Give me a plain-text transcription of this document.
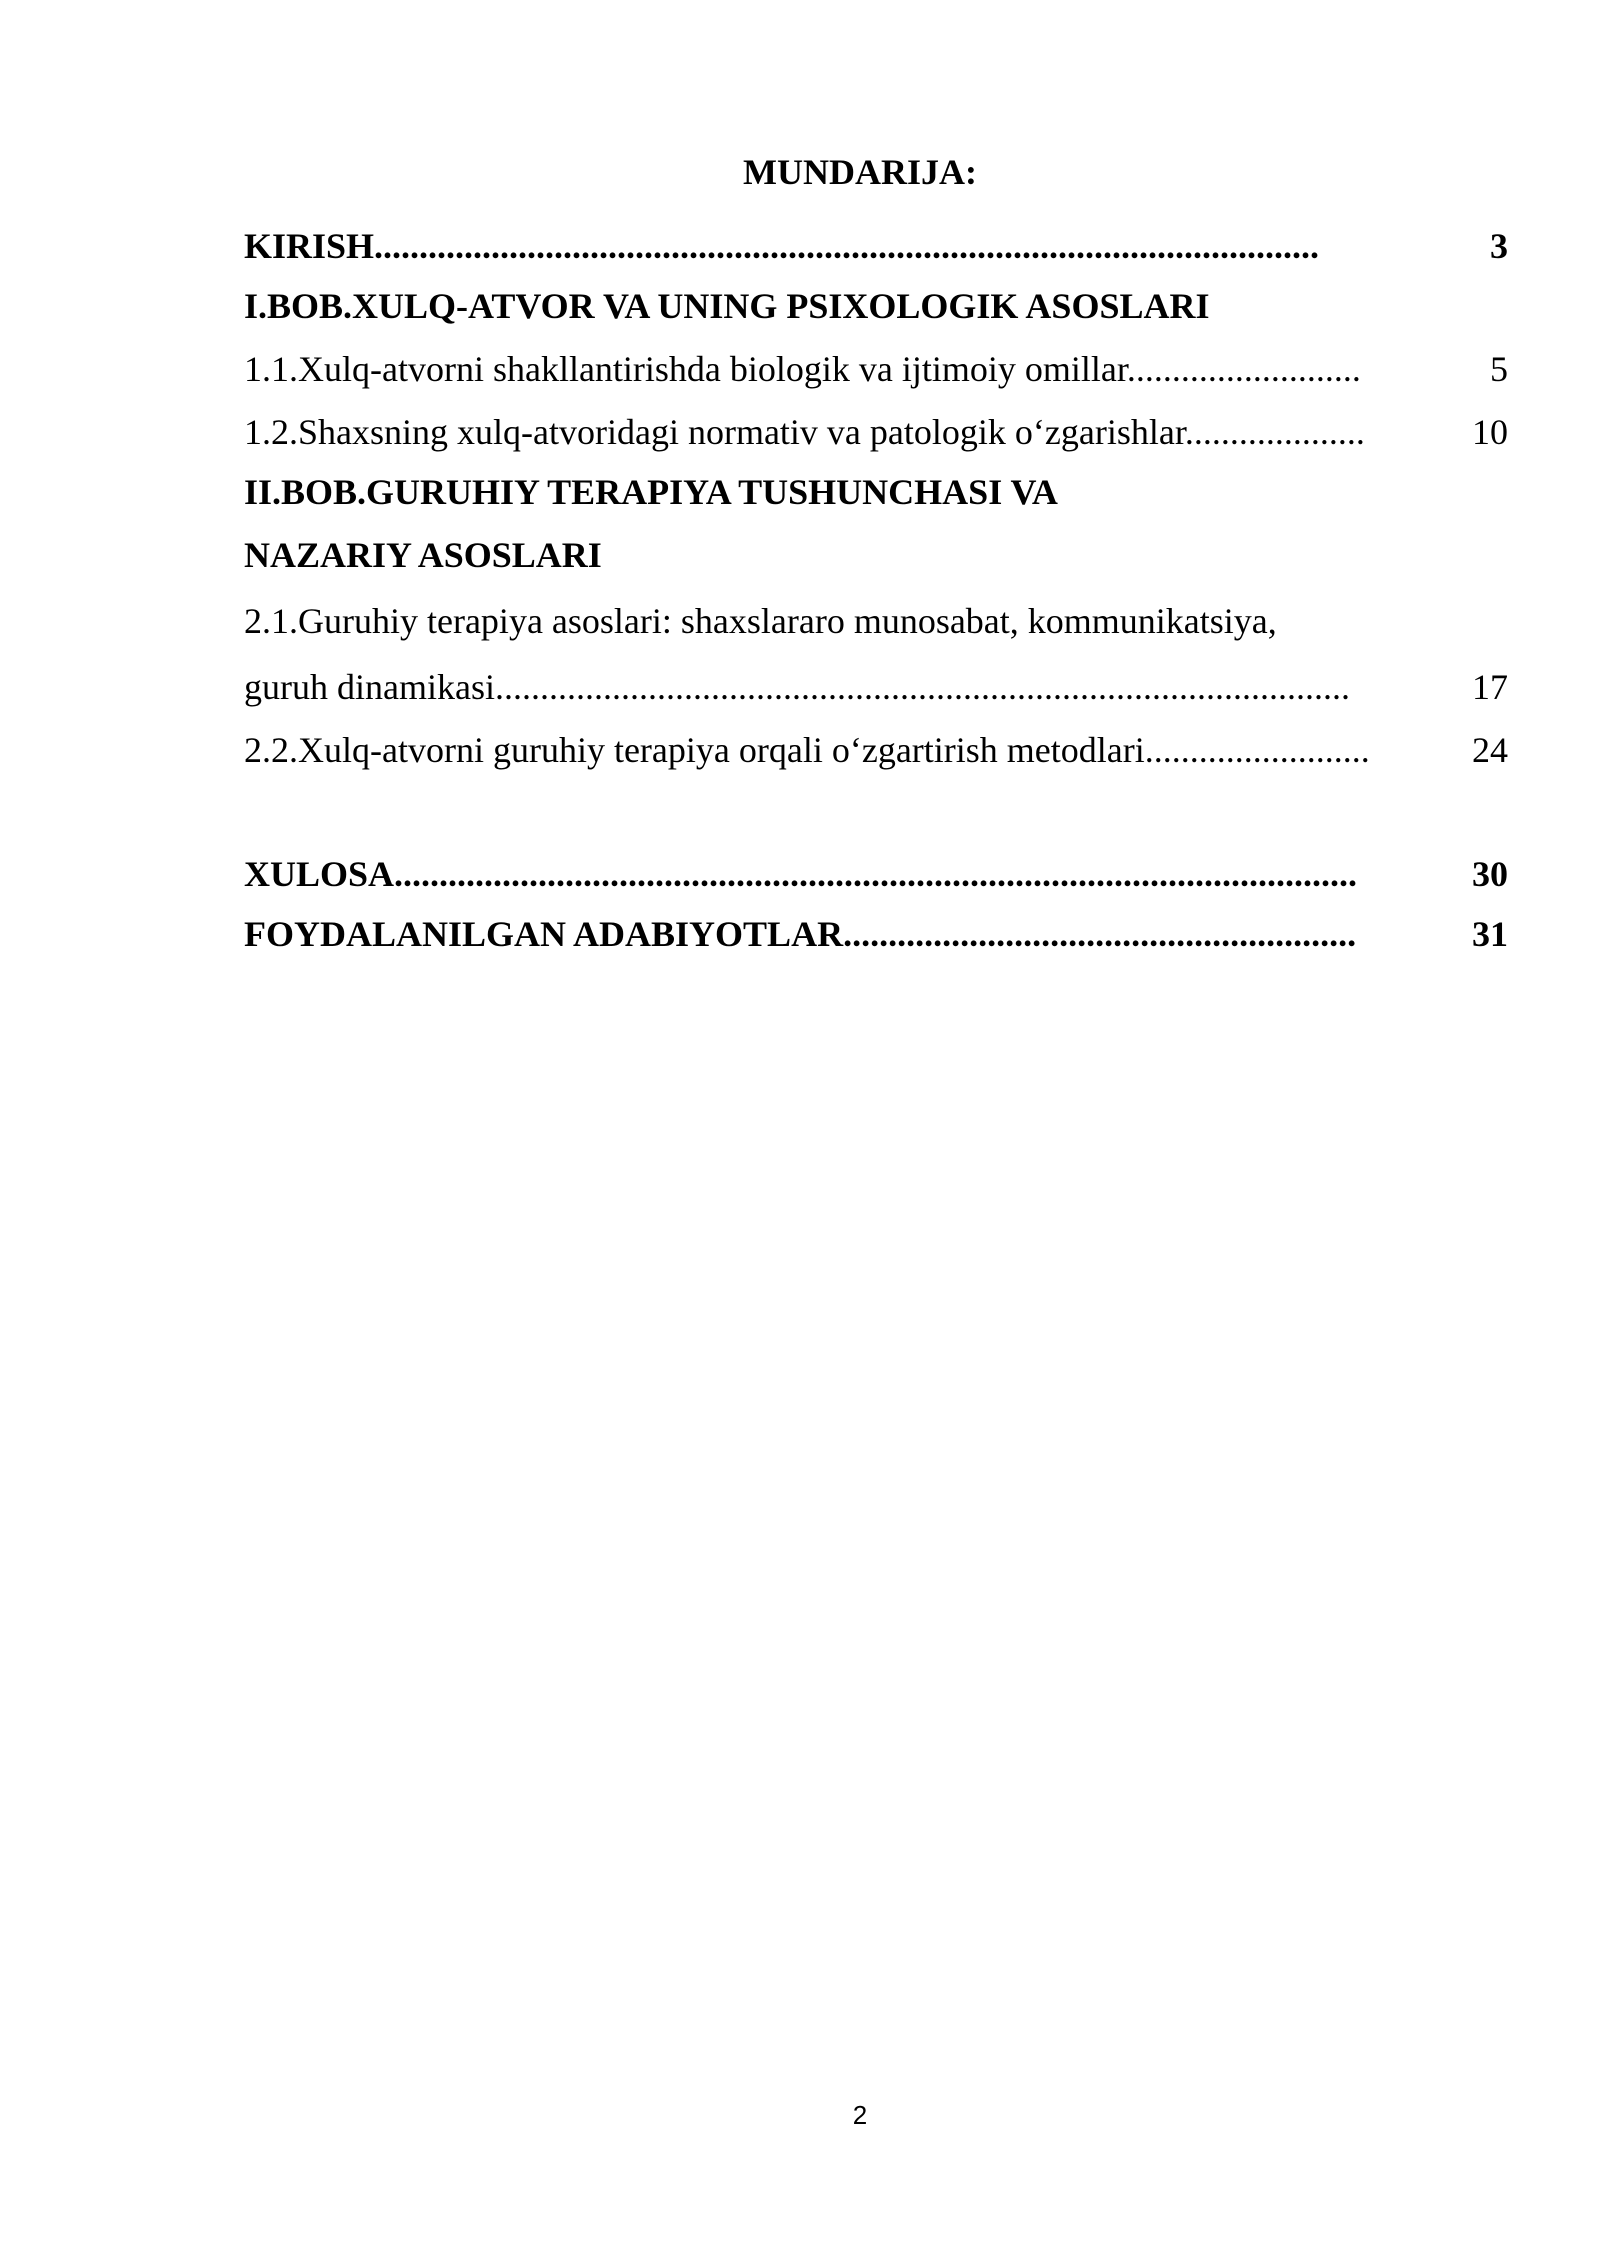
MUNDARIJA:
KIRISH.........................................................................................................	3
I.BOB.XULQ-ATVOR VA UNING PSIXOLOGIK ASOSLARI
1.1.Xulq-atvorni shakllantirishda biologik va ijtimoiy omillar..........................	5
1.2.Shaxsning xulq-atvoridagi normativ va patologik o‘zgarishlar....................	10
II.BOB.GURUHIY TERAPIYA TUSHUNCHASI VA
NAZARIY ASOSLARI
2.1.Guruhiy terapiya asoslari: shaxslararo munosabat, kommunikatsiya,
guruh dinamikasi...............................................................................................	17
2.2.Xulq-atvorni guruhiy terapiya orqali o‘zgartirish metodlari.........................	24
XULOSA...........................................................................................................	30
FOYDALANILGAN ADABIYOTLAR.........................................................	31
2
